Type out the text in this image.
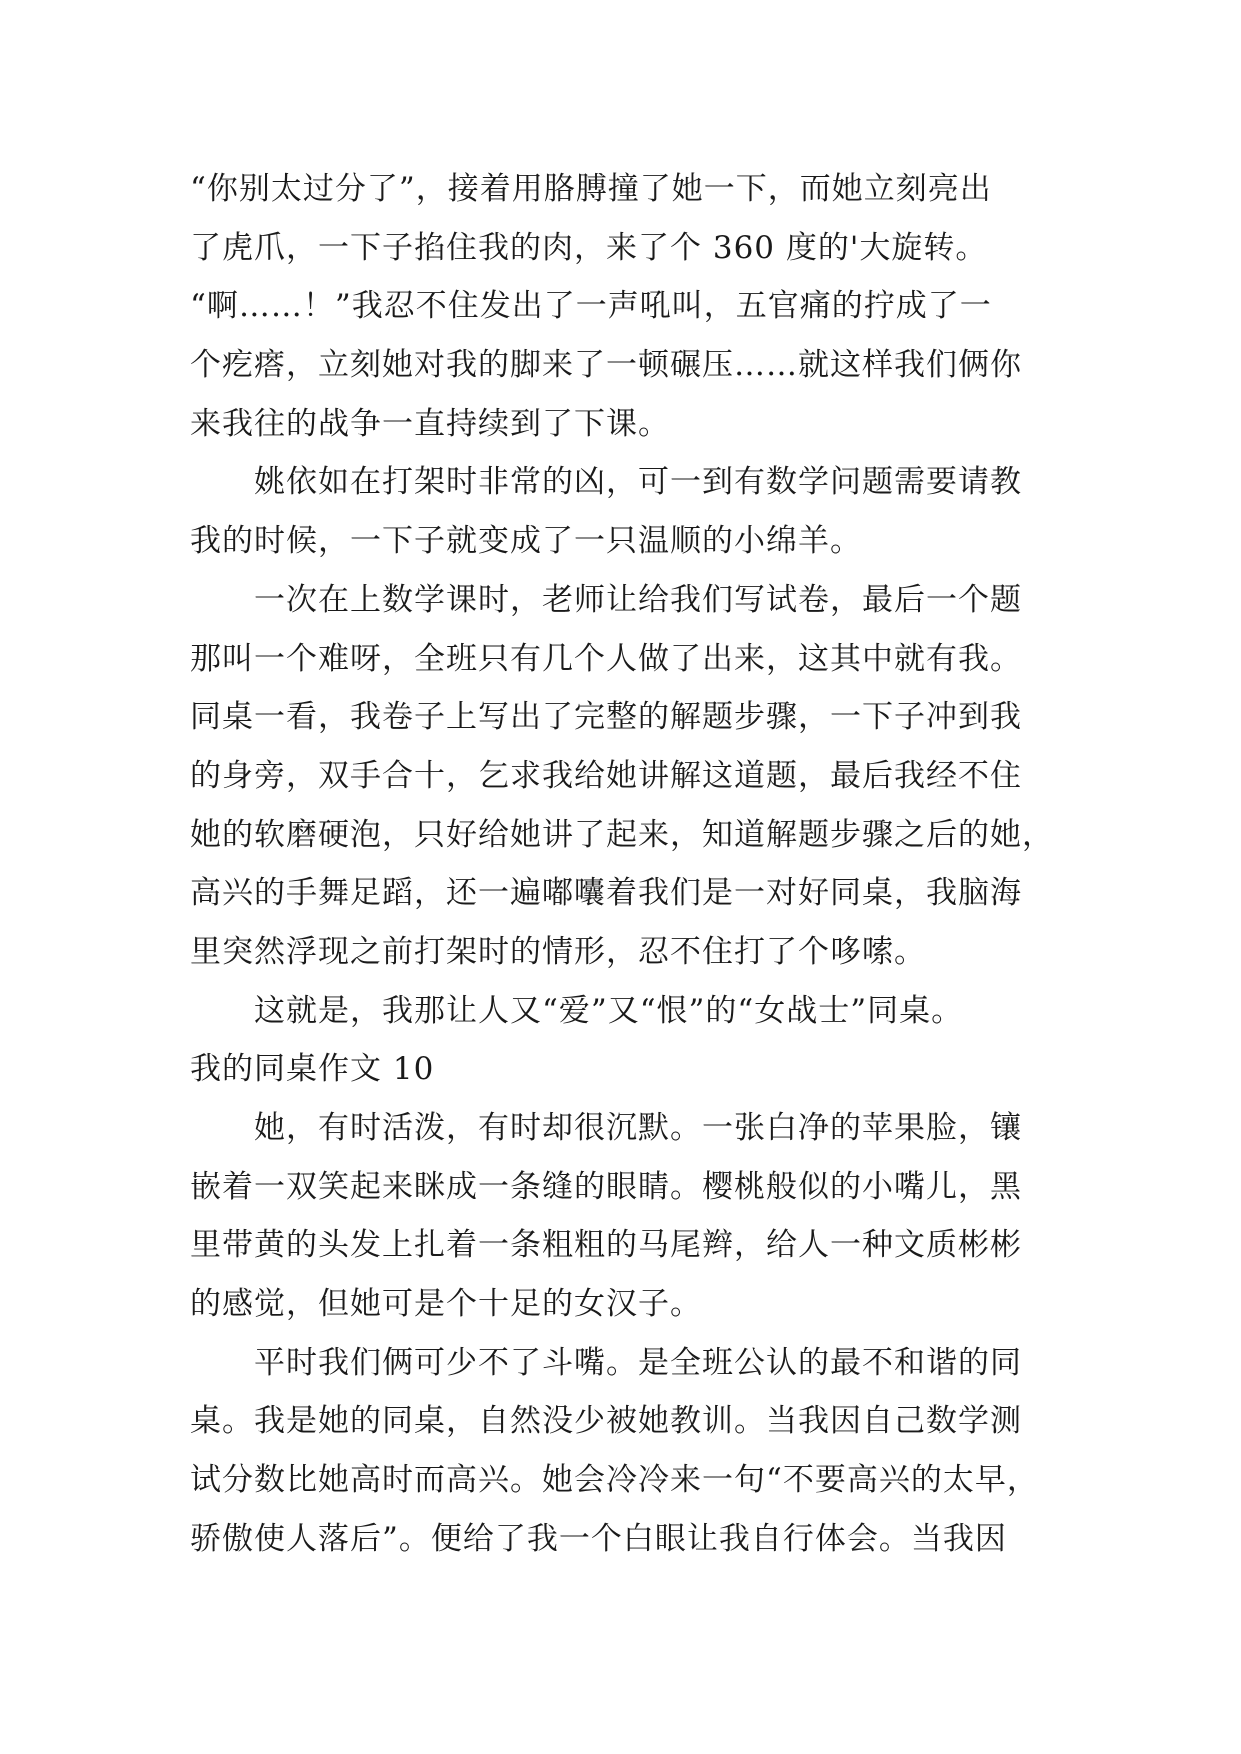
“你别太过分了”，接着用胳膊撞了她一下，而她立刻亮出
了虎爪，一下子掐住我的肉，来了个 360 度的'大旋转。
“啊……！”我忍不住发出了一声吼叫，五官痛的拧成了一
个疙瘩，立刻她对我的脚来了一顿碾压……就这样我们俩你
来我往的战争一直持续到了下课。
姚依如在打架时非常的凶，可一到有数学问题需要请教
我的时候，一下子就变成了一只温顺的小绵羊。
一次在上数学课时，老师让给我们写试卷，最后一个题
那叫一个难呀，全班只有几个人做了出来，这其中就有我。
同桌一看，我卷子上写出了完整的解题步骤，一下子冲到我
的身旁，双手合十，乞求我给她讲解这道题，最后我经不住
她的软磨硬泡，只好给她讲了起来，知道解题步骤之后的她，
高兴的手舞足蹈，还一遍嘟囔着我们是一对好同桌，我脑海
里突然浮现之前打架时的情形，忍不住打了个哆嗦。
这就是，我那让人又“爱”又“恨”的“女战士”同桌。
我的同桌作文 10
她，有时活泼，有时却很沉默。一张白净的苹果脸，镶
嵌着一双笑起来眯成一条缝的眼睛。樱桃般似的小嘴儿，黑
里带黄的头发上扎着一条粗粗的马尾辫，给人一种文质彬彬
的感觉，但她可是个十足的女汉子。
平时我们俩可少不了斗嘴。是全班公认的最不和谐的同
桌。我是她的同桌，自然没少被她教训。当我因自己数学测
试分数比她高时而高兴。她会冷冷来一句“不要高兴的太早，
骄傲使人落后”。便给了我一个白眼让我自行体会。当我因
